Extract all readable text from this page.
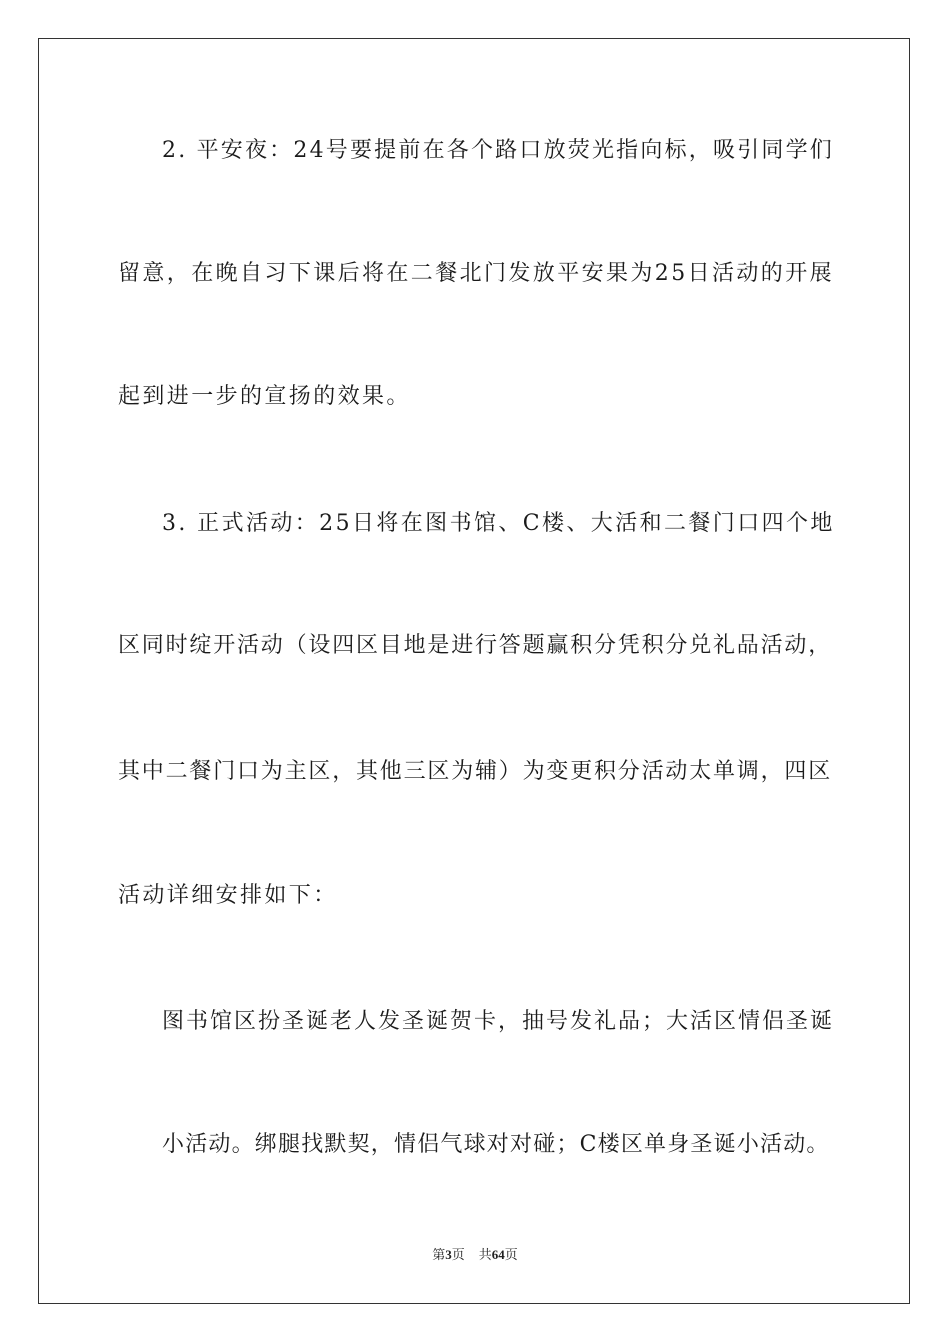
2. 平安夜：24号要提前在各个路口放荧光指向标，吸引同学们
留意，在晚自习下课后将在二餐北门发放平安果为25日活动的开展
起到进一步的宣扬的效果。
3. 正式活动：25日将在图书馆、C楼、大活和二餐门口四个地
区同时绽开活动（设四区目地是进行答题赢积分凭积分兑礼品活动，
其中二餐门口为主区，其他三区为辅）为变更积分活动太单调，四区
活动详细安排如下：
图书馆区扮圣诞老人发圣诞贺卡，抽号发礼品；大活区情侣圣诞
小活动。绑腿找默契，情侣气球对对碰；C楼区单身圣诞小活动。
第3页 共64页
